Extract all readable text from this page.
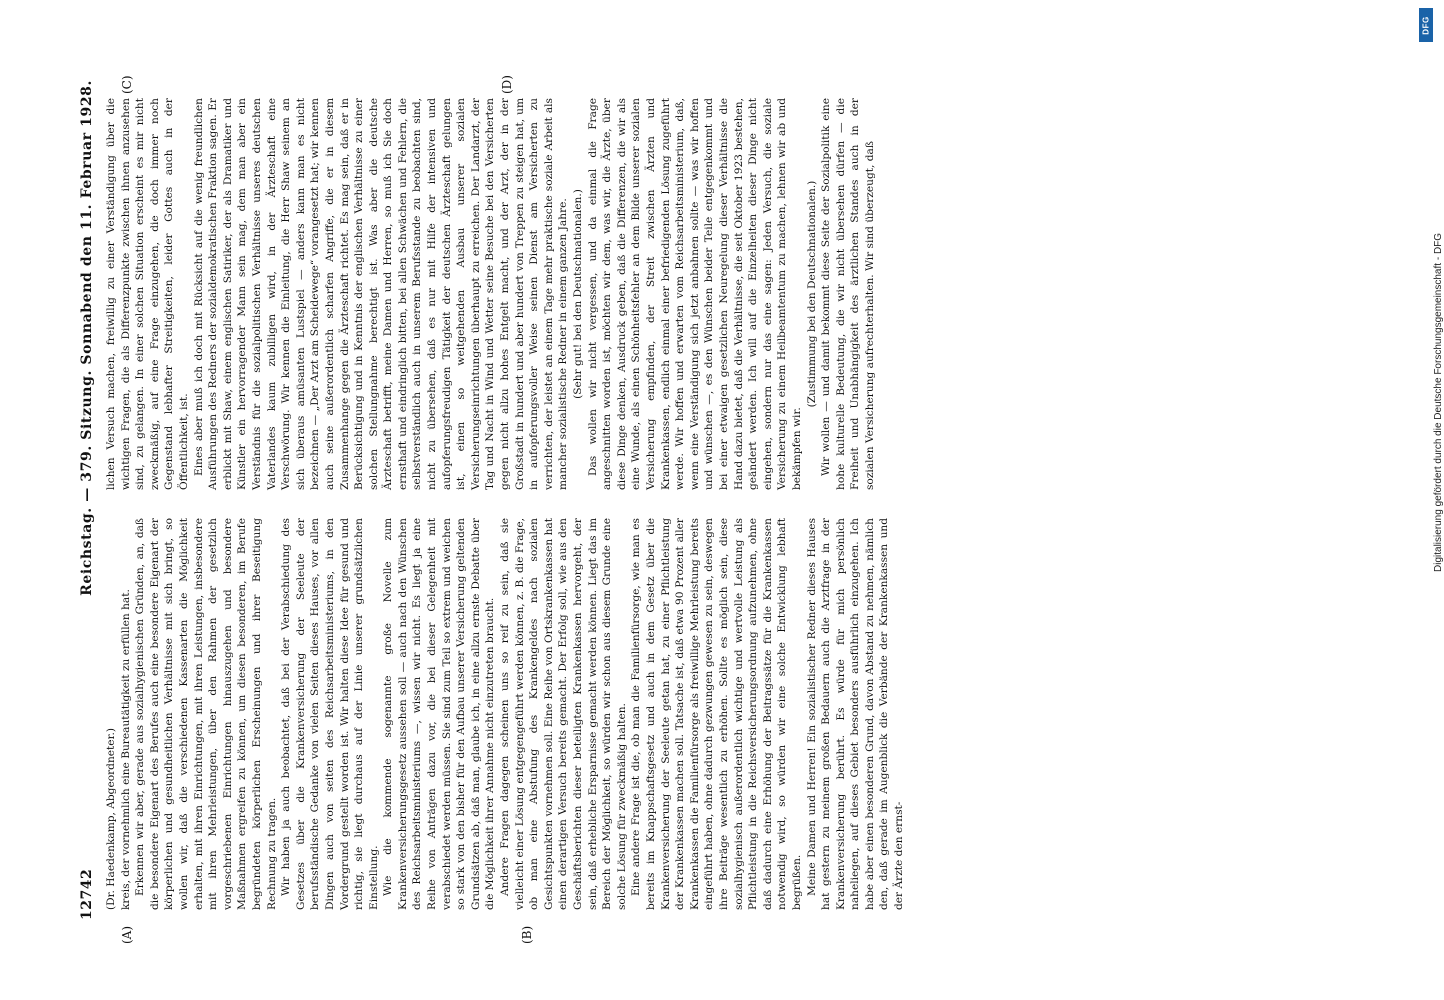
12742
Reichstag. — 379. Sitzung. Sonnabend den 11. Februar 1928.
(A)	(B)
(C)	(D)

(Dr. Haedenkamp, Abgeordneter.) kreis, der vornehmlich eine Bureautätigkeit zu erfüllen hat. Erkennen wir aber, gerade aus sozialhygienischen Gründen, an, daß die besondere Eigenart des Berufes auch eine besondere Eigenart der körperlichen und gesundheitlichen Verhältnisse mit sich bringt, so wollen wir, daß die verschiedenen Kassenarten die Möglichkeit erhalten, mit ihren Einrichtungen, mit ihren Leistungen, insbesondere mit ihren Mehrleistungen, über den Rahmen der gesetzlich vorgeschriebenen Einrichtungen hinauszugehen und besondere Maßnahmen ergreifen zu können, um diesen besonderen, im Berufe begründeten körperlichen Erscheinungen und ihrer Beseitigung Rechnung zu tragen. Wir haben ja auch beobachtet, daß bei der Verabschiedung des Gesetzes über die Krankenversicherung der Seeleute der berufsständische Gedanke von vielen Seiten dieses Hauses, vor allen Dingen auch von seiten des Reichsarbeitsministeriums, in den Vordergrund gestellt worden ist. Wir halten diese Idee für gesund und richtig, sie liegt durchaus auf der Linie unserer grundsätzlichen Einstellung. Wie die kommende sogenannte große Novelle zum Krankenversicherungsgesetz aussehen soll — auch nach den Wünschen des Reichsarbeitsministeriums —, wissen wir nicht. Es liegt ja eine Reihe von Anträgen dazu vor, die bei dieser Gelegenheit mit verabschiedet werden müssen. Sie sind zum Teil so extrem und weichen so stark von den bisher für den Aufbau unserer Versicherung geltenden Grundsätzen ab, daß man, glaube ich, in eine allzu ernste Debatte über die Möglichkeit ihrer Annahme nicht einzutreten braucht. Andere Fragen dagegen scheinen uns so reif zu sein, daß sie vielleicht einer Lösung entgegengeführt werden können, z. B. die Frage, ob man eine Abstufung des Krankengeldes nach sozialen Gesichtspunkten vornehmen soll. Eine Reihe von Ortskrankenkassen hat einen derartigen Versuch bereits gemacht. Der Erfolg soll, wie aus den Geschäftsberichten dieser beteiligten Krankenkassen hervorgeht, der sein, daß erhebliche Ersparnisse gemacht werden können. Liegt das im Bereich der Möglichkeit, so würden wir schon aus diesem Grunde eine solche Lösung für zweckmäßig halten. Eine andere Frage ist die, ob man die Familienfürsorge, wie man es bereits im Knappschaftsgesetz und auch in dem Gesetz über die Krankenversicherung der Seeleute getan hat, zu einer Pflichtleistung der Krankenkassen machen soll. Tatsache ist, daß etwa 90 Prozent aller Krankenkassen die Familienfürsorge als freiwillige Mehrleistung bereits eingeführt haben, ohne dadurch gezwungen gewesen zu sein, deswegen ihre Beiträge wesentlich zu erhöhen. Sollte es möglich sein, diese sozialhygienisch außerordentlich wichtige und wertvolle Leistung als Pflichtleistung in die Reichsversicherungsordnung aufzunehmen, ohne daß dadurch eine Erhöhung der Beitragssätze für die Krankenkassen notwendig wird, so würden wir eine solche Entwicklung lebhaft begrüßen. Meine Damen und Herren! Ein sozialistischer Redner dieses Hauses hat gestern zu meinem großen Bedauern auch die Arztfrage in der Krankenversicherung berührt. Es würde für mich persönlich naheliegen, auf dieses Gebiet besonders ausführlich einzugehen. Ich habe aber einen besonderen Grund, davon Abstand zu nehmen, nämlich den, daß gerade im Augenblick die Verbände der Krankenkassen und der Ärzte den ernst-

lichen Versuch machen, freiwillig zu einer Verständigung über die wichtigen Fragen, die als Differenzpunkte zwischen ihnen anzusehen sind, zu gelangen. In einer solchen Situation erscheint es mir nicht zweckmäßig, auf eine Frage einzugehen, die doch immer noch Gegenstand lebhafter Streitigkeiten, leider Gottes auch in der Öffentlichkeit, ist. Eines aber muß ich doch mit Rücksicht auf die wenig freundlichen Ausführungen des Redners der sozialdemokratischen Fraktion sagen. Er erblickt mit Shaw, einem englischen Satiriker, der als Dramatiker und Künstler ein hervorragender Mann sein mag, dem man aber ein Verständnis für die sozialpolitischen Verhältnisse unseres deutschen Vaterlandes kaum zubilligen wird, in der Ärzteschaft eine Verschwörung. Wir kennen die Einleitung, die Herr Shaw seinem an sich überaus amüsanten Lustspiel — anders kann man es nicht bezeichnen — „Der Arzt am Scheidewege“ vorangesetzt hat; wir kennen auch seine außerordentlich scharfen Angriffe, die er in diesem Zusammenhange gegen die Ärzteschaft richtet. Es mag sein, daß er in Berücksichtigung und in Kenntnis der englischen Verhältnisse zu einer solchen Stellungnahme berechtigt ist. Was aber die deutsche Ärzteschaft betrifft, meine Damen und Herren, so muß ich Sie doch ernsthaft und eindringlich bitten, bei allen Schwächen und Fehlern, die selbstverständlich auch in unserem Berufsstande zu beobachten sind, nicht zu übersehen, daß es nur mit Hilfe der intensiven und aufopferungsfreudigen Tätigkeit der deutschen Ärzteschaft gelungen ist, einen so weitgehenden Ausbau unserer sozialen Versicherungseinrichtungen überhaupt zu erreichen. Der Landarzt, der Tag und Nacht in Wind und Wetter seine Besuche bei den Versicherten gegen nicht allzu hohes Entgelt macht, und der Arzt, der in der Großstadt in hundert und aber hundert von Treppen zu steigen hat, um in aufopferungsvoller Weise seinen Dienst am Versicherten zu verrichten, der leistet an einem Tage mehr praktische soziale Arbeit als mancher sozialistische Redner in einem ganzen Jahre. (Sehr gut! bei den Deutschnationalen.) Das wollen wir nicht vergessen, und da einmal die Frage angeschnitten worden ist, möchten wir dem, was wir, die Ärzte, über diese Dinge denken, Ausdruck geben, daß die Differenzen, die wir als eine Wunde, als einen Schönheitsfehler an dem Bilde unserer sozialen Versicherung empfinden, der Streit zwischen Ärzten und Krankenkassen, endlich einmal einer befriedigenden Lösung zugeführt werde. Wir hoffen und erwarten vom Reichsarbeitsministerium, daß, wenn eine Verständigung sich jetzt anbahnen sollte — was wir hoffen und wünschen —, es den Wünschen beider Teile entgegenkommt und bei einer etwaigen gesetzlichen Neuregelung dieser Verhältnisse die Hand dazu bietet, daß die Verhältnisse, die seit Oktober 1923 bestehen, geändert werden. Ich will auf die Einzelheiten dieser Dinge nicht eingehen, sondern nur das eine sagen: Jeden Versuch, die soziale Versicherung zu einem Heilbeamtentum zu machen, lehnen wir ab und bekämpfen wir.

(Zustimmung bei den Deutschnationalen.) Wir wollen — und damit bekommt diese Seite der Sozialpolitik eine hohe kulturelle Bedeutung, die wir nicht übersehen dürfen — die Freiheit und Unabhängigkeit des ärztlichen Standes auch in der sozialen Versicherung aufrechterhalten. Wir sind überzeugt, daß

DFG
Digitalisierung gefördert durch die Deutsche Forschungsgemeinschaft - DFG
